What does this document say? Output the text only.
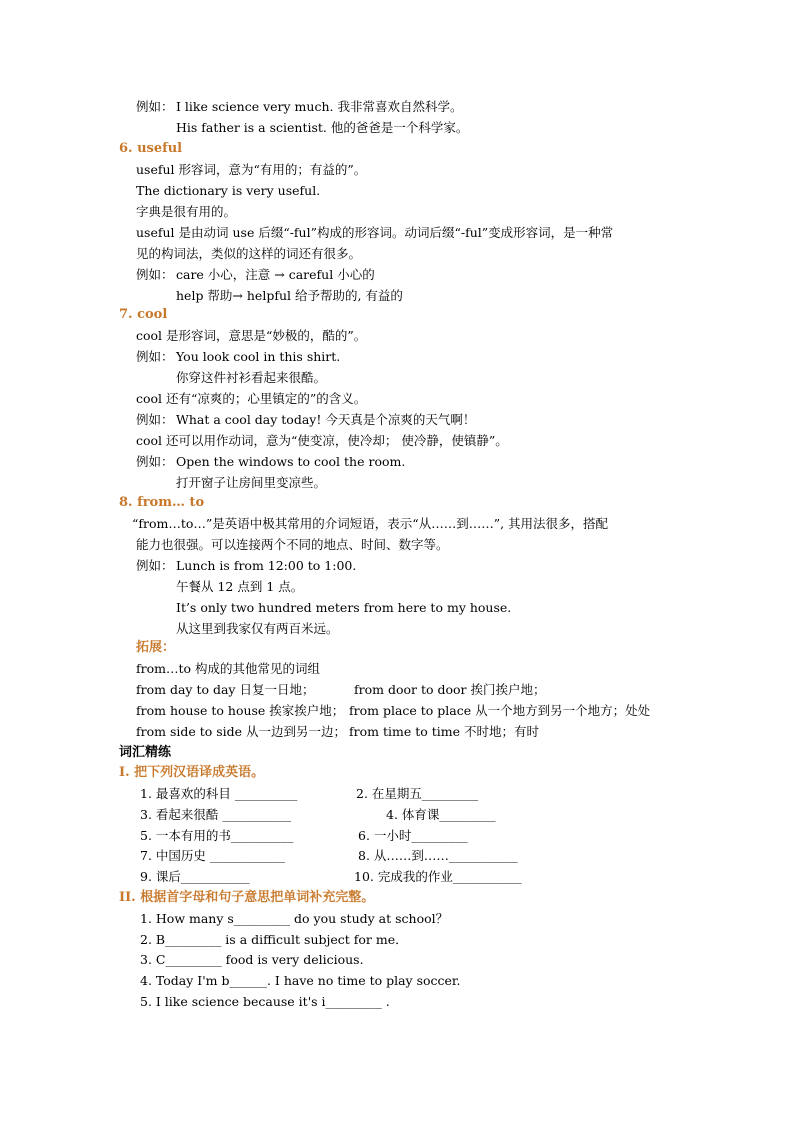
例如： I like science very much. 我非常喜欢自然科学。
His father is a scientist. 他的爸爸是一个科学家。
6. useful
useful 形容词，意为“有用的；有益的”。
The dictionary is very useful.
字典是很有用的。
useful 是由动词 use 后缀“-ful”构成的形容词。动词后缀“-ful”变成形容词，是一种常
见的构词法，类似的这样的词还有很多。
例如： care 小心，注意 → careful 小心的
help 帮助→ helpful 给予帮助的, 有益的
7. cool
cool 是形容词，意思是“妙极的，酷的”。
例如： You look cool in this shirt.
你穿这件衬衫看起来很酷。
cool 还有“凉爽的；心里镇定的”的含义。
例如： What a cool day today! 今天真是个凉爽的天气啊！
cool 还可以用作动词，意为“使变凉，使冷却； 使冷静，使镇静”。
例如： Open the windows to cool the room.
打开窗子让房间里变凉些。
8. from… to
“from…to…”是英语中极其常用的介词短语，表示“从……到……”, 其用法很多，搭配
能力也很强。可以连接两个不同的地点、时间、数字等。
例如： Lunch is from 12:00 to 1:00.
午餐从 12 点到 1 点。
It’s only two hundred meters from here to my house.
从这里到我家仅有两百米远。
拓展：
from…to 构成的其他常见的词组
from day to day 日复一日地；	from door to door 挨门挨户地；
from house to house 挨家挨户地； from place to place 从一个地方到另一个地方；处处
from side to side 从一边到另一边； from time to time 不时地；有时
词汇精练
I. 把下列汉语译成英语。
1. 最喜欢的科目 __________	2. 在星期五_________
3. 看起来很酷 ___________	4. 体育课_________
5. 一本有用的书__________	6. 一小时_________
7. 中国历史 ____________	8. 从……到……___________
9. 课后___________	10. 完成我的作业___________
II. 根据首字母和句子意思把单词补充完整。
1. How many s_________ do you study at school？
2. B_________ is a difficult subject for me．
3. C_________ food is very delicious.
4. Today I'm b______. I have no time to play soccer.
5. I like science because it's i_________ .
